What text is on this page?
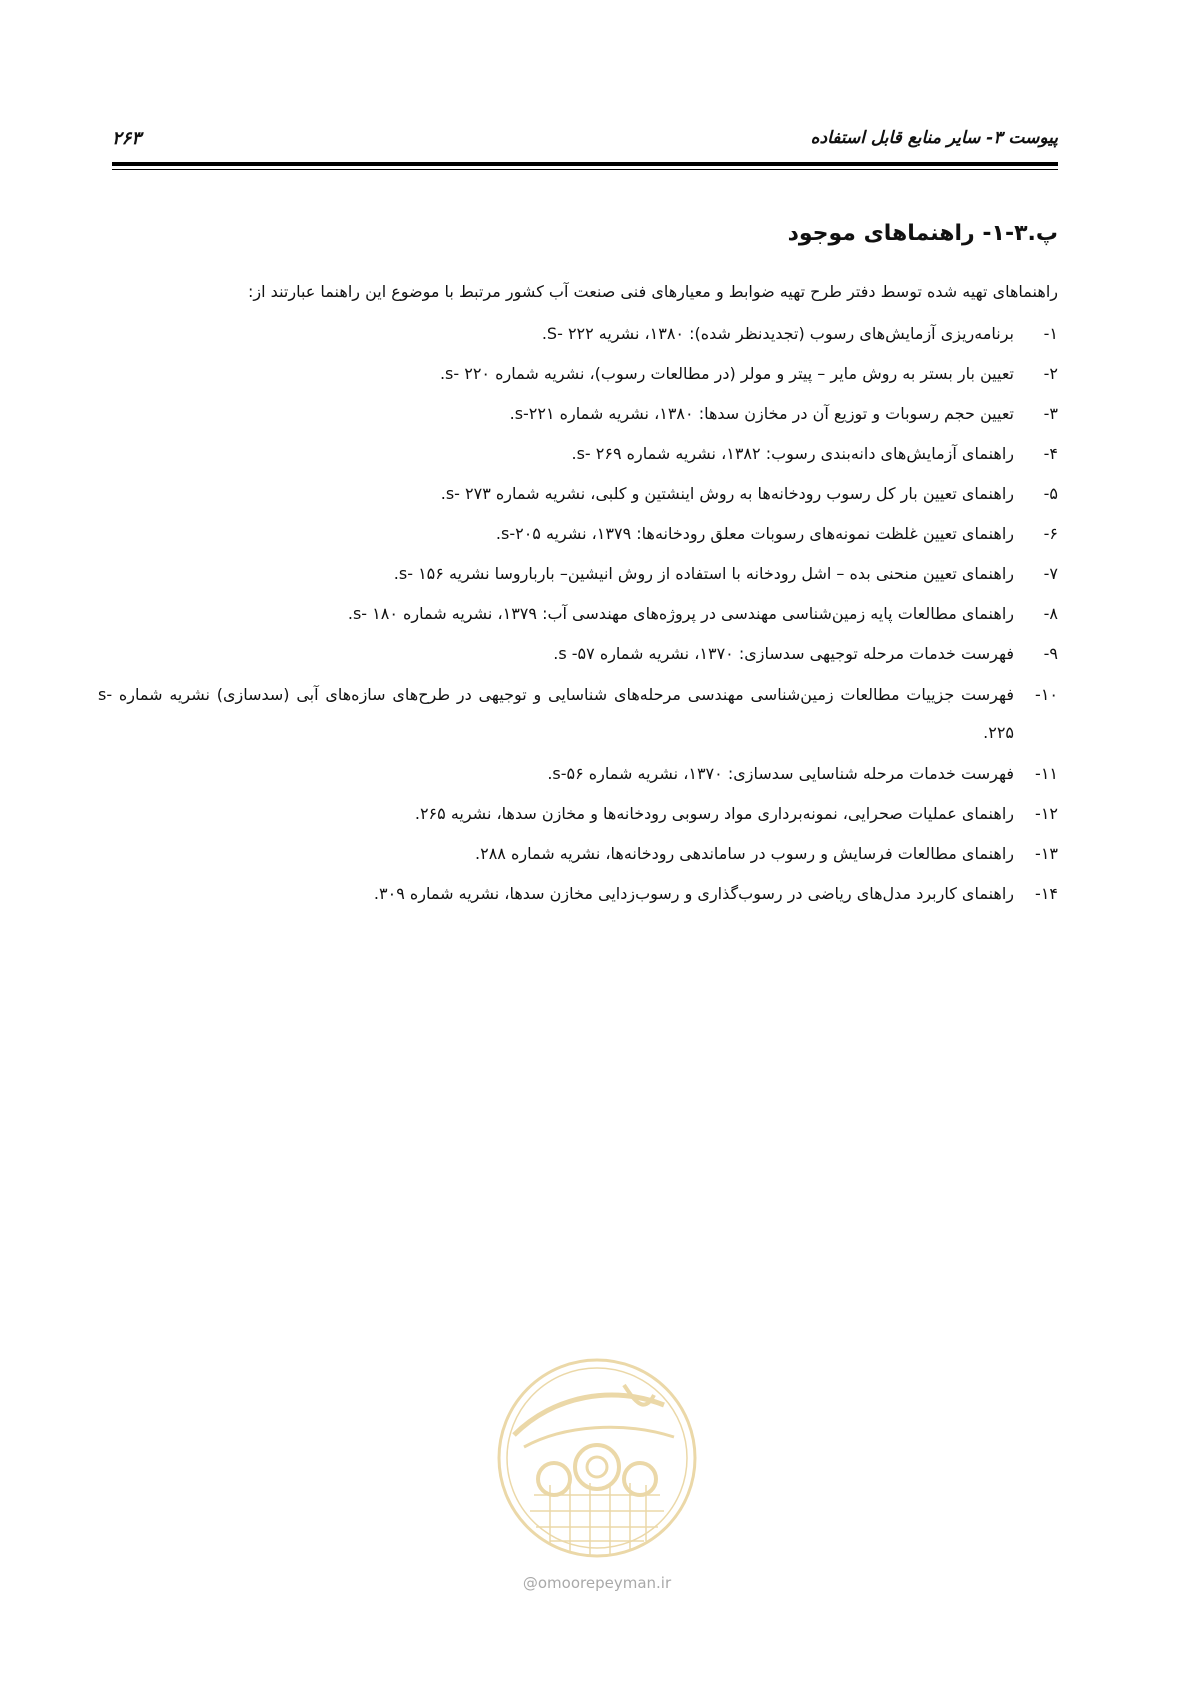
پیوست ۳- سایر منابع قابل استفاده
۲۶۳
پ.۳-۱- راهنماهای موجود
راهنماهای تهیه شده توسط دفتر طرح تهیه ضوابط و معیارهای فنی صنعت آب کشور مرتبط با موضوع این راهنما عبارتند از:
۱-
برنامه‌ریزی آزمایش‌های رسوب (تجدیدنظر شده): ۱۳۸۰، نشریه S- ۲۲۲.
۲-
تعیین بار بستر به روش مایر – پیتر و مولر (در مطالعات رسوب)، نشریه شماره s- ۲۲۰.
۳-
تعیین حجم رسوبات و توزیع آن در مخازن سدها: ۱۳۸۰، نشریه شماره s-۲۲۱.
۴-
راهنمای آزمایش‌های دانه‌بندی رسوب: ۱۳۸۲، نشریه شماره s- ۲۶۹.
۵-
راهنمای تعیین بار کل رسوب رودخانه‌ها به روش اینشتین و کلبی، نشریه شماره s- ۲۷۳.
۶-
راهنمای تعیین غلظت نمونه‌های رسوبات معلق رودخانه‌ها: ۱۳۷۹، نشریه s-۲۰۵.
۷-
راهنمای تعیین منحنی بده – اشل رودخانه با استفاده از روش انیشین– بارباروسا نشریه s- ۱۵۶.
۸-
راهنمای مطالعات پایه زمین‌شناسی مهندسی در پروژه‌های مهندسی آب: ۱۳۷۹، نشریه شماره s- ۱۸۰.
۹-
فهرست خدمات مرحله توجیهی سدسازی: ۱۳۷۰، نشریه شماره s -۵۷.
۱۰-
فهرست جزییات مطالعات زمین‌شناسی مهندسی مرحله‌های شناسایی و توجیهی در طرح‌های سازه‌های آبی (سدسازی) نشریه شماره s- ۲۲۵.
۱۱-
فهرست خدمات مرحله شناسایی سدسازی: ۱۳۷۰، نشریه شماره s-۵۶.
۱۲-
راهنمای عملیات صحرایی، نمونه‌برداری مواد رسوبی رودخانه‌ها و مخازن سدها، نشریه ۲۶۵.
۱۳-
راهنمای مطالعات فرسایش و رسوب در ساماندهی رودخانه‌ها، نشریه شماره ۲۸۸.
۱۴-
راهنمای کاربرد مدل‌های ریاضی در رسوب‌گذاری و رسوب‌زدایی مخازن سدها، نشریه شماره ۳۰۹.
@omoorepeyman.ir
